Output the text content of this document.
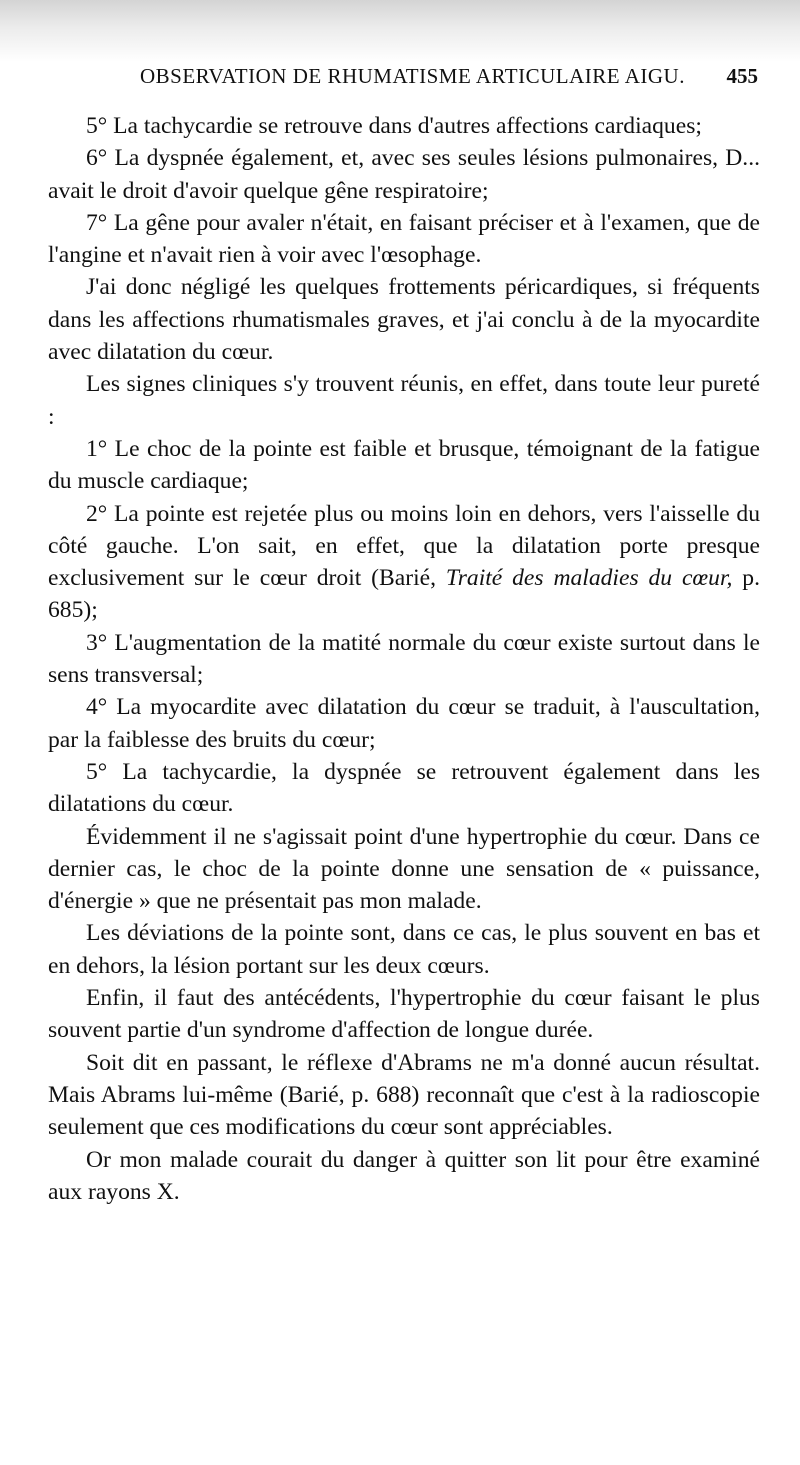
OBSERVATION DE RHUMATISME ARTICULAIRE AIGU. 455

5° La tachycardie se retrouve dans d'autres affections cardiaques;

6° La dyspnée également, et, avec ses seules lésions pulmonaires, D... avait le droit d'avoir quelque gêne respiratoire;

7° La gêne pour avaler n'était, en faisant préciser et à l'examen, que de l'angine et n'avait rien à voir avec l'œsophage.

J'ai donc négligé les quelques frottements péricardiques, si fréquents dans les affections rhumatismales graves, et j'ai conclu à de la myocardite avec dilatation du cœur.

Les signes cliniques s'y trouvent réunis, en effet, dans toute leur pureté :

1° Le choc de la pointe est faible et brusque, témoignant de la fatigue du muscle cardiaque;

2° La pointe est rejetée plus ou moins loin en dehors, vers l'aisselle du côté gauche. L'on sait, en effet, que la dilatation porte presque exclusivement sur le cœur droit (Barié, Traité des maladies du cœur, p. 685);

3° L'augmentation de la matité normale du cœur existe surtout dans le sens transversal;

4° La myocardite avec dilatation du cœur se traduit, à l'auscultation, par la faiblesse des bruits du cœur;

5° La tachycardie, la dyspnée se retrouvent également dans les dilatations du cœur.

Évidemment il ne s'agissait point d'une hypertrophie du cœur. Dans ce dernier cas, le choc de la pointe donne une sensation de « puissance, d'énergie » que ne présentait pas mon malade.

Les déviations de la pointe sont, dans ce cas, le plus souvent en bas et en dehors, la lésion portant sur les deux cœurs.

Enfin, il faut des antécédents, l'hypertrophie du cœur faisant le plus souvent partie d'un syndrome d'affection de longue durée.

Soit dit en passant, le réflexe d'Abrams ne m'a donné aucun résultat. Mais Abrams lui-même (Barié, p. 688) reconnaît que c'est à la radioscopie seulement que ces modifications du cœur sont appréciables.

Or mon malade courait du danger à quitter son lit pour être examiné aux rayons X.
